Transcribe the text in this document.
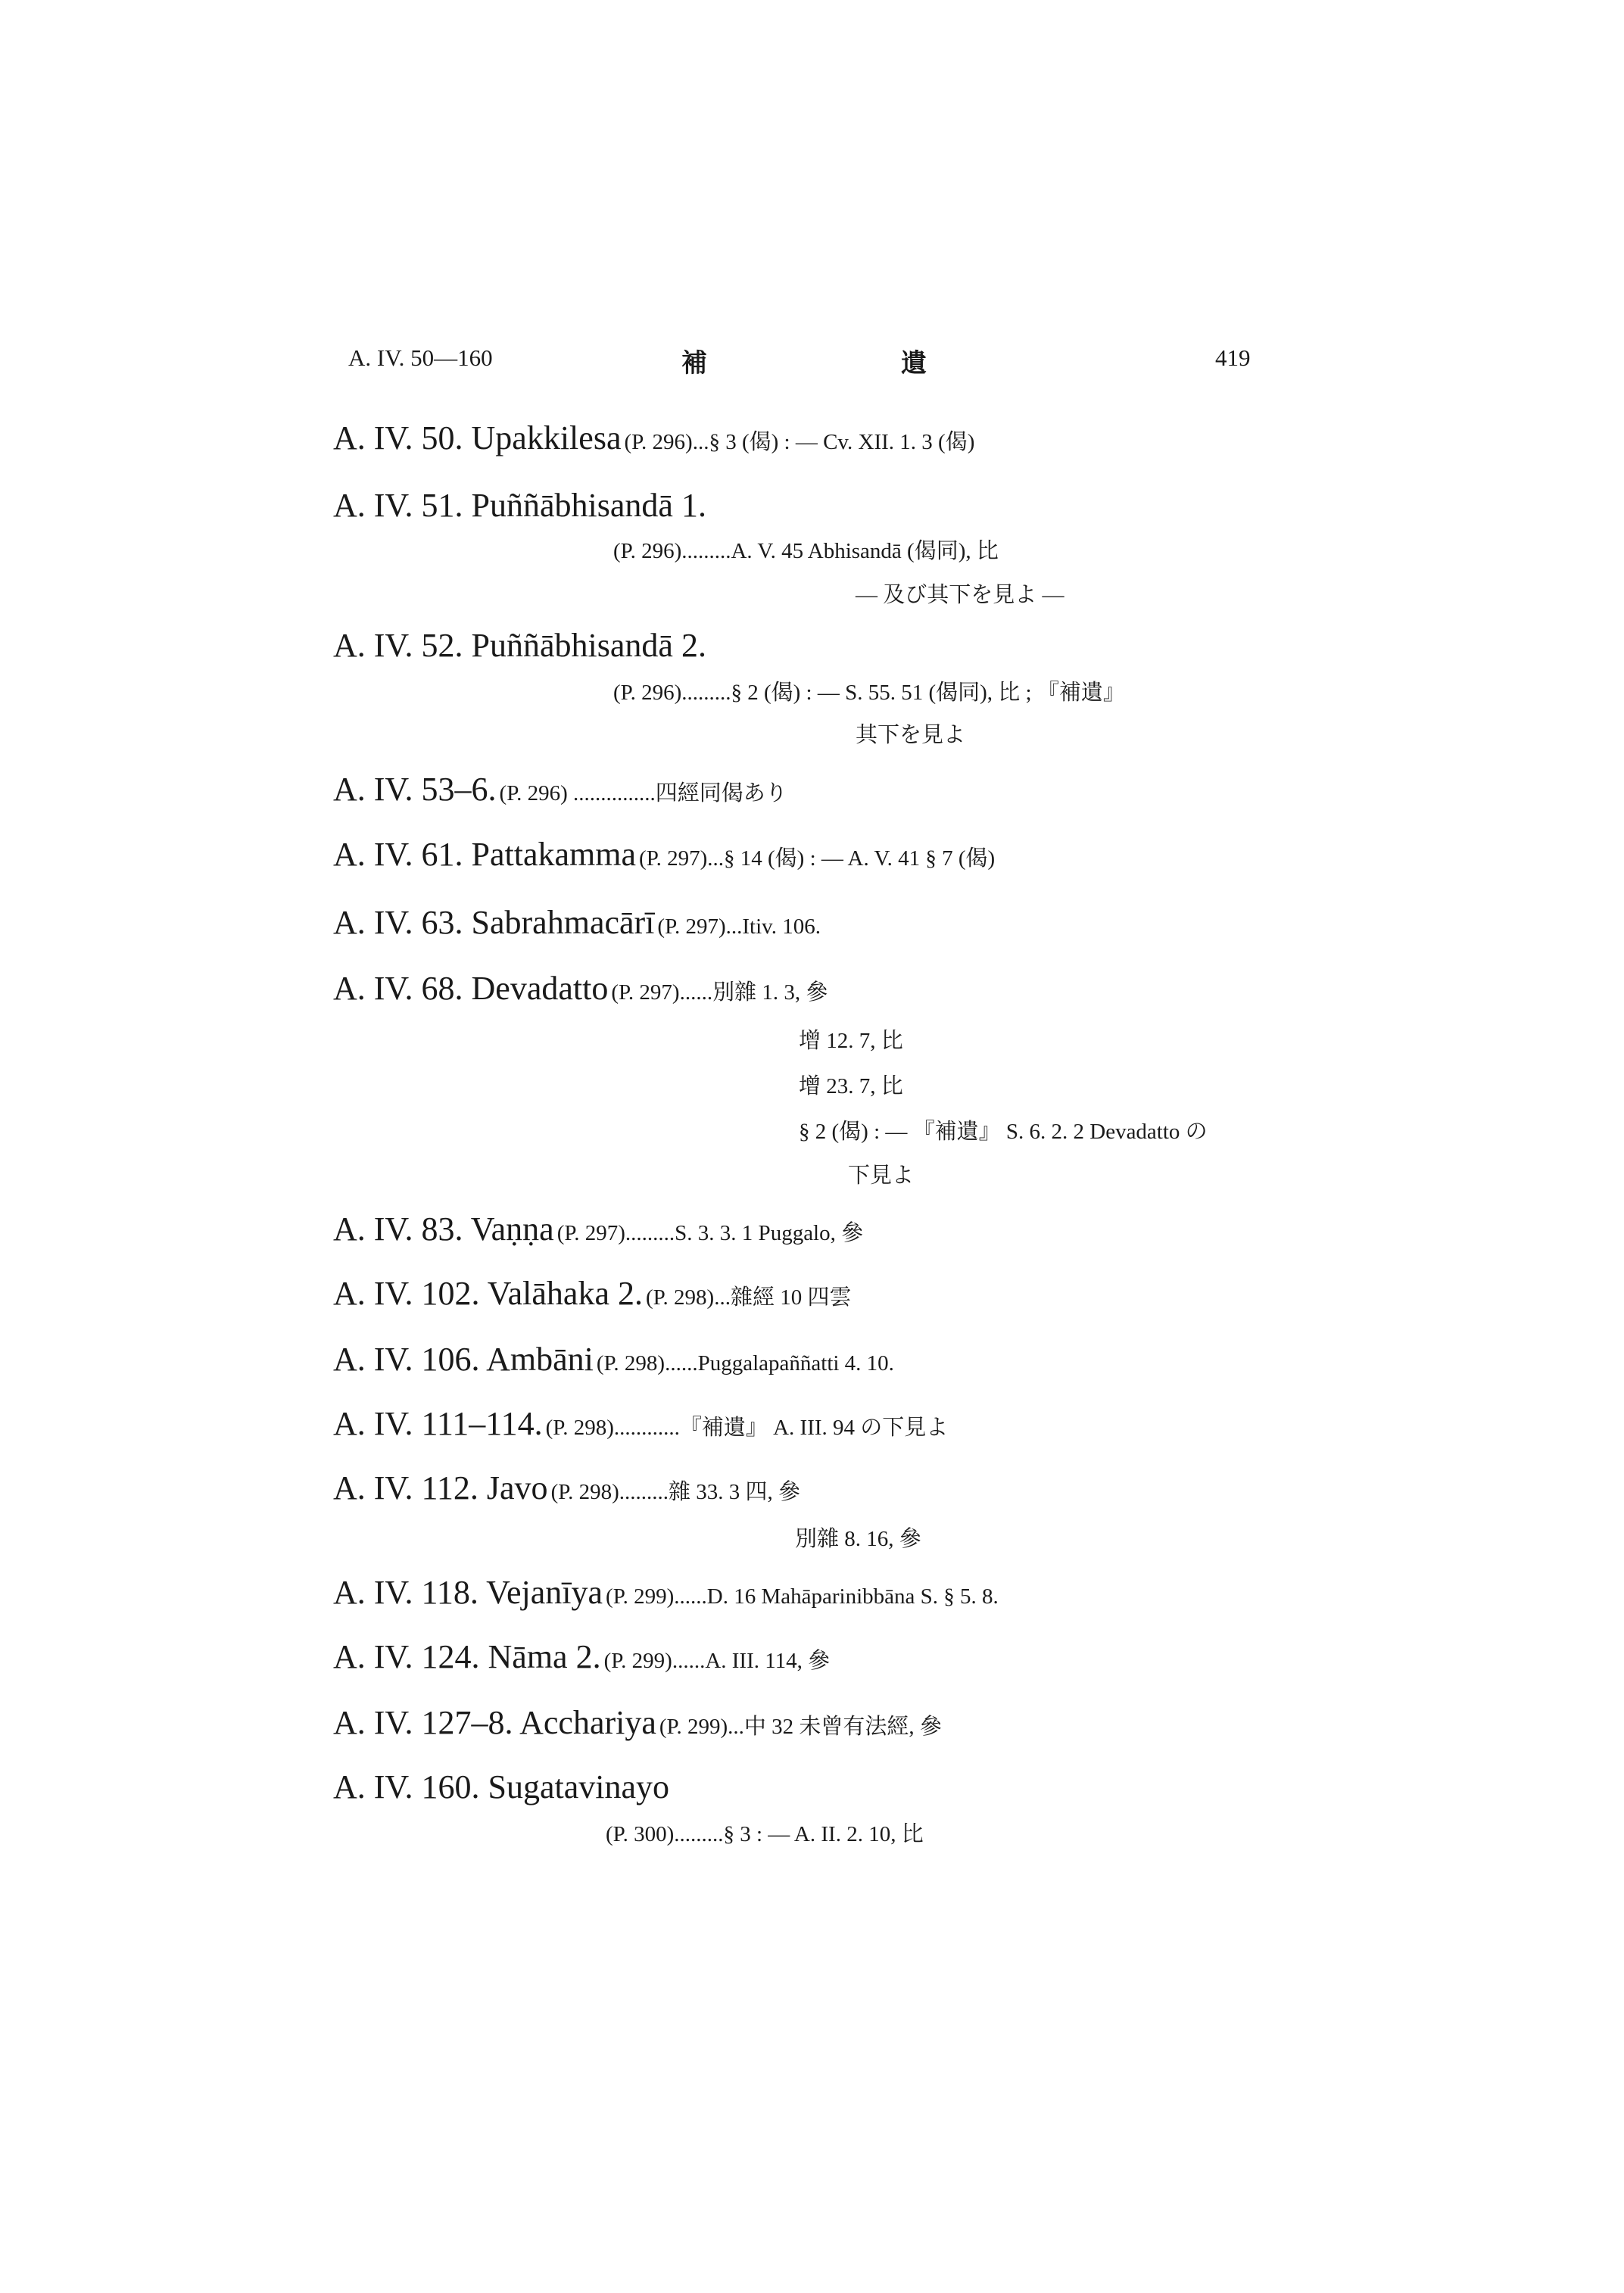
A. IV. 50—160	補	遺	419
A. IV. 50. Upakkilesa (P. 296)...§ 3 (偈) : — Cv. XII. 1. 3 (偈)
A. IV. 51. Puññābhisandā 1.
(P. 296).........A. V. 45 Abhisandā (偈同), 比
— 及び其下を見よ —
A. IV. 52. Puññābhisandā 2.
(P. 296).........§ 2 (偈) : — S. 55. 51 (偈同), 比 ; 『補遺』
其下を見よ
A. IV. 53–6. (P. 296) ...............四經同偈あり
A. IV. 61. Pattakamma (P. 297)...§ 14 (偈) : — A. V. 41 § 7 (偈)
A. IV. 63. Sabrahmacārī (P. 297)...Itiv. 106.
A. IV. 68. Devadatto (P. 297)......別雜 1. 3, 參
增 12. 7, 比
增 23. 7, 比
§ 2 (偈) : — 『補遺』 S. 6. 2. 2 Devadatto の
下見よ
A. IV. 83. Vaṇṇa (P. 297).........S. 3. 3. 1 Puggalo, 參
A. IV. 102. Valāhaka 2. (P. 298)...雜經 10 四雲
A. IV. 106. Ambāni (P. 298)......Puggalapaññatti 4. 10.
A. IV. 111–114. (P. 298)............『補遺』 A. III. 94 の下見よ
A. IV. 112. Javo (P. 298).........雜 33. 3 四, 參
別雜 8. 16, 參
A. IV. 118. Vejanīya (P. 299)......D. 16 Mahāparinibbāna S. § 5. 8.
A. IV. 124. Nāma 2. (P. 299)......A. III. 114, 參
A. IV. 127–8. Acchariya (P. 299)...中 32 未曾有法經, 參
A. IV. 160. Sugatavinayo
(P. 300).........§ 3 : — A. II. 2. 10, 比
